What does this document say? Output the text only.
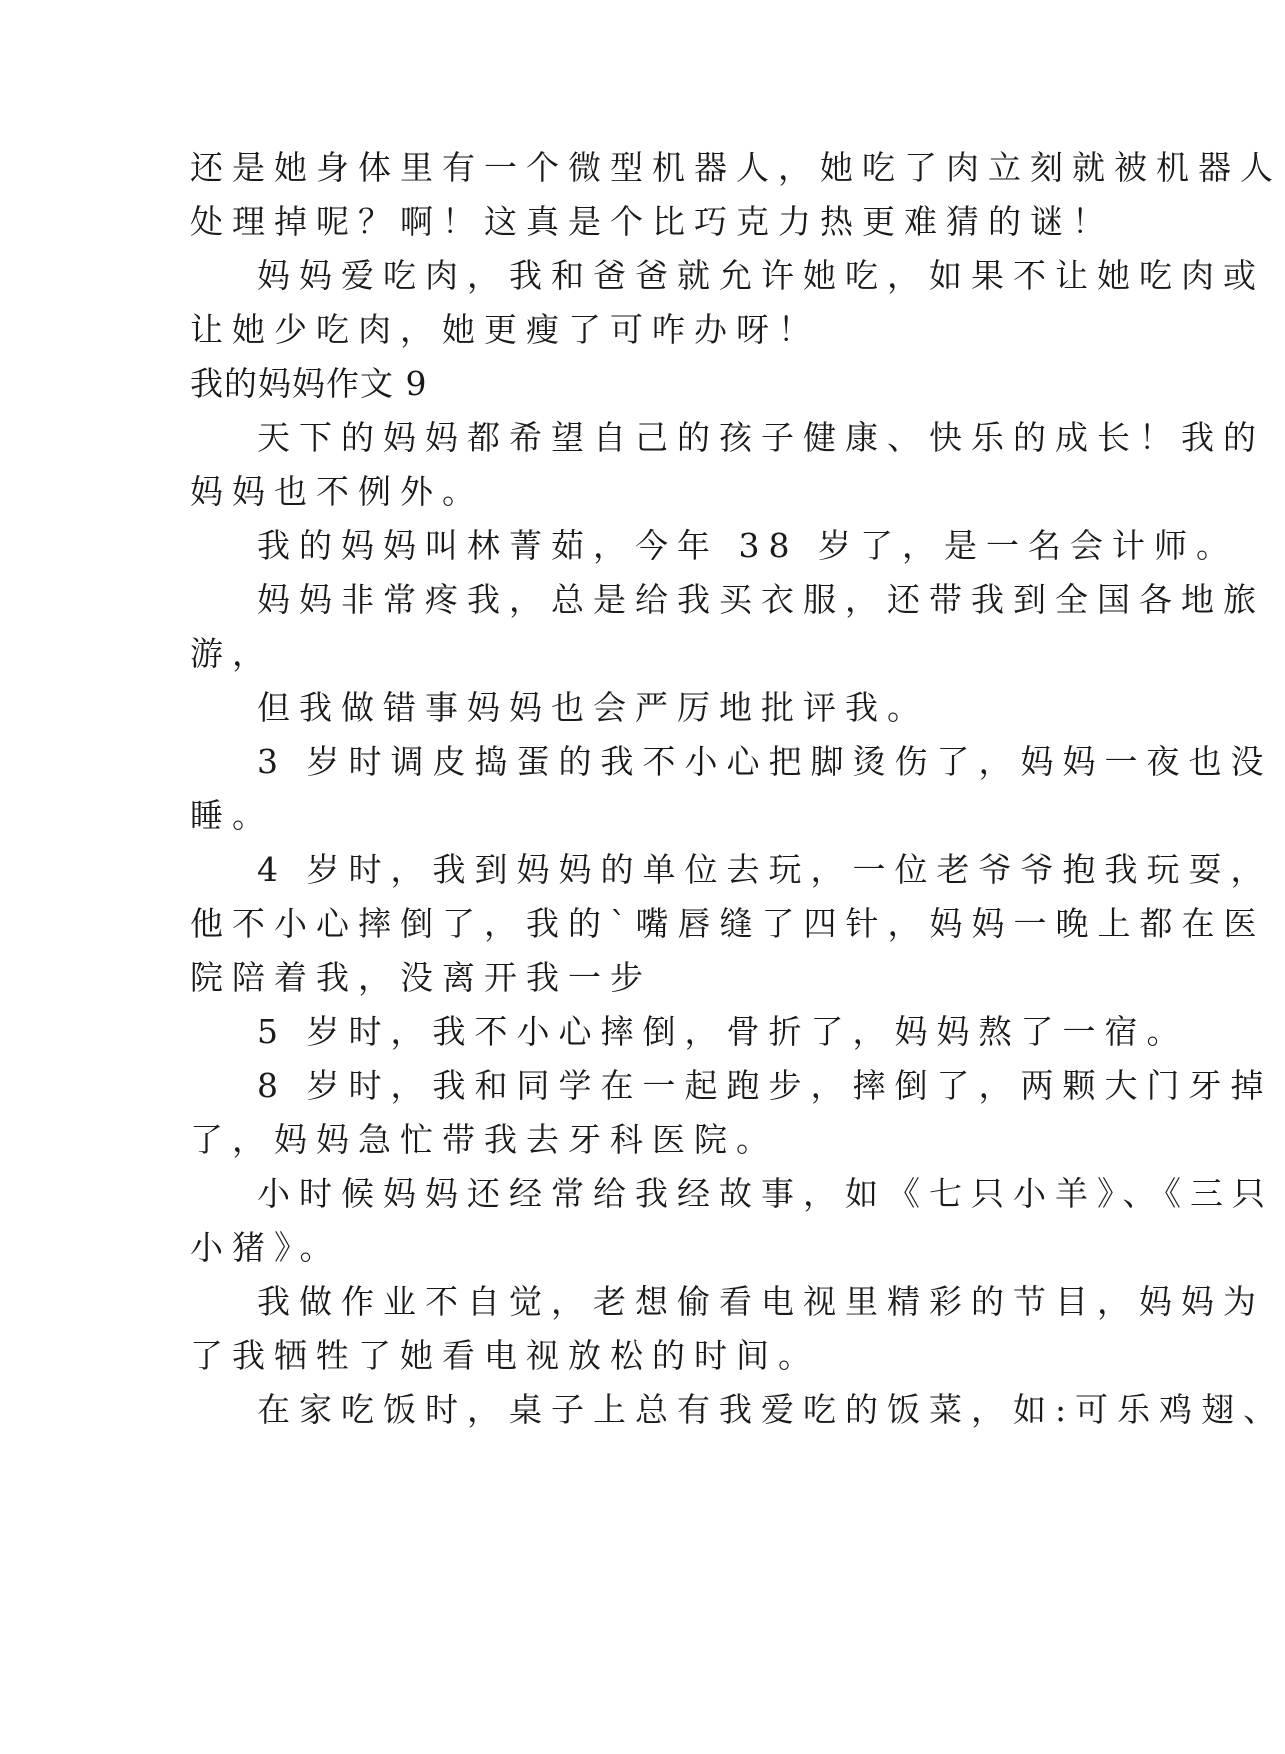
还是她身体里有一个微型机器人，她吃了肉立刻就被机器人
处理掉呢？啊！这真是个比巧克力热更难猜的谜！
妈妈爱吃肉，我和爸爸就允许她吃，如果不让她吃肉或
让她少吃肉，她更瘦了可咋办呀！
我的妈妈作文 9
天下的妈妈都希望自己的孩子健康、快乐的成长！我的
妈妈也不例外。
我的妈妈叫林菁茹，今年 38 岁了，是一名会计师。
妈妈非常疼我，总是给我买衣服，还带我到全国各地旅
游，
但我做错事妈妈也会严厉地批评我。
3 岁时调皮捣蛋的我不小心把脚烫伤了，妈妈一夜也没
睡。
4 岁时，我到妈妈的单位去玩，一位老爷爷抱我玩耍，
他不小心摔倒了，我的`嘴唇缝了四针，妈妈一晚上都在医
院陪着我，没离开我一步
5 岁时，我不小心摔倒，骨折了，妈妈熬了一宿。
8 岁时，我和同学在一起跑步，摔倒了，两颗大门牙掉
了，妈妈急忙带我去牙科医院。
小时候妈妈还经常给我经故事，如《七只小羊》、《三只
小猪》。
我做作业不自觉，老想偷看电视里精彩的节目，妈妈为
了我牺牲了她看电视放松的时间。
在家吃饭时，桌子上总有我爱吃的饭菜，如:可乐鸡翅、
